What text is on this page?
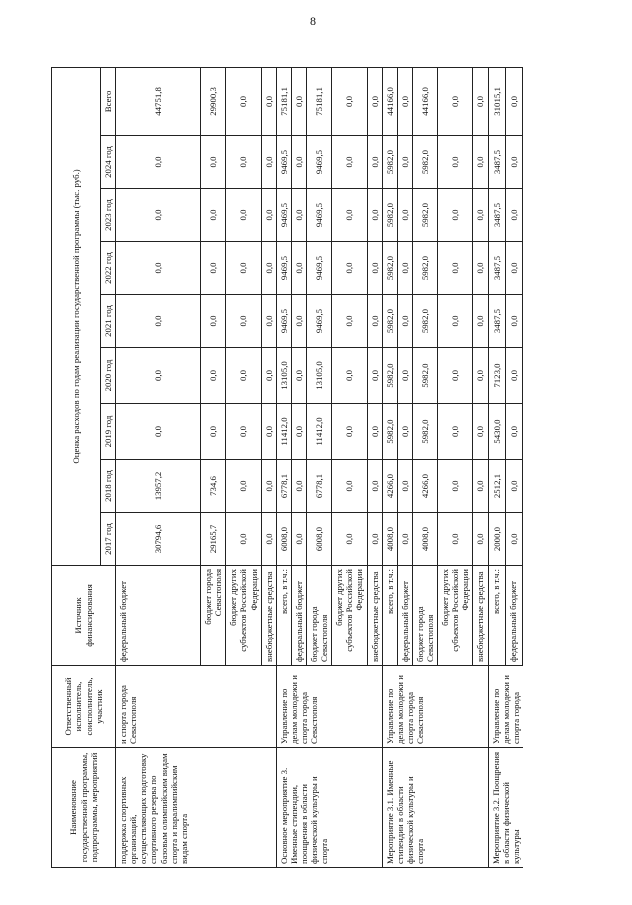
8
Наименование государственной программы, подпрограммы, мероприятий	Ответственный исполнитель, соисполнитель, участник	Источник финансирования	Оценка расходов по годам реализации государственной программы (тыс. руб.)								
			2017 год	2018 год	2019 год	2020 год	2021 год	2022 год	2023 год	2024 год	Всего
поддержка спортивных организаций, осуществляющих подготовку спортивного резерва по базовым олимпийским видам спорта и паралимпийским видам спорта	и спорта города Севастополя	федеральный бюджет	30794,6	13957,2	0,0	0,0	0,0	0,0	0,0	0,0	44751,8
		бюджет города Севастополя	29165,7	734,6	0,0	0,0	0,0	0,0	0,0	0,0	29900,3
		бюджет других субъектов Российской Федерации	0,0	0,0	0,0	0,0	0,0	0,0	0,0	0,0	0,0
		внебюджетные средства	0,0	0,0	0,0	0,0	0,0	0,0	0,0	0,0	0,0
Основное мероприятие 3. Именные стипендии, поощрения в области физической культуры и спорта	Управление по делам молодежи и спорта города Севастополя	всего, в т.ч.:	6008,0	6778,1	11412,0	13105,0	9469,5	9469,5	9469,5	9469,5	75181,1
		федеральный бюджет	0,0	0,0	0,0	0,0	0,0	0,0	0,0	0,0	0,0
		бюджет города Севастополя	6008,0	6778,1	11412,0	13105,0	9469,5	9469,5	9469,5	9469,5	75181,1
		бюджет других субъектов Российской Федерации	0,0	0,0	0,0	0,0	0,0	0,0	0,0	0,0	0,0
		внебюджетные средства	0,0	0,0	0,0	0,0	0,0	0,0	0,0	0,0	0,0
Мероприятие 3.1. Именные стипендии в области физической культуры и спорта	Управление по делам молодежи и спорта города Севастополя	всего, в т.ч.:	4008,0	4266,0	5982,0	5982,0	5982,0	5982,0	5982,0	5982,0	44166,0
		федеральный бюджет	0,0	0,0	0,0	0,0	0,0	0,0	0,0	0,0	0,0
		бюджет города Севастополя	4008,0	4266,0	5982,0	5982,0	5982,0	5982,0	5982,0	5982,0	44166,0
		бюджет других субъектов Российской Федерации	0,0	0,0	0,0	0,0	0,0	0,0	0,0	0,0	0,0
		внебюджетные средства	0,0	0,0	0,0	0,0	0,0	0,0	0,0	0,0	0,0
Мероприятие 3.2. Поощрения в области физической культуры	Управление по делам молодежи и спорта города	всего, в т.ч.:	2000,0	2512,1	5430,0	7123,0	3487,5	3487,5	3487,5	3487,5	31015,1
		федеральный бюджет	0,0	0,0	0,0	0,0	0,0	0,0	0,0	0,0	0,0
